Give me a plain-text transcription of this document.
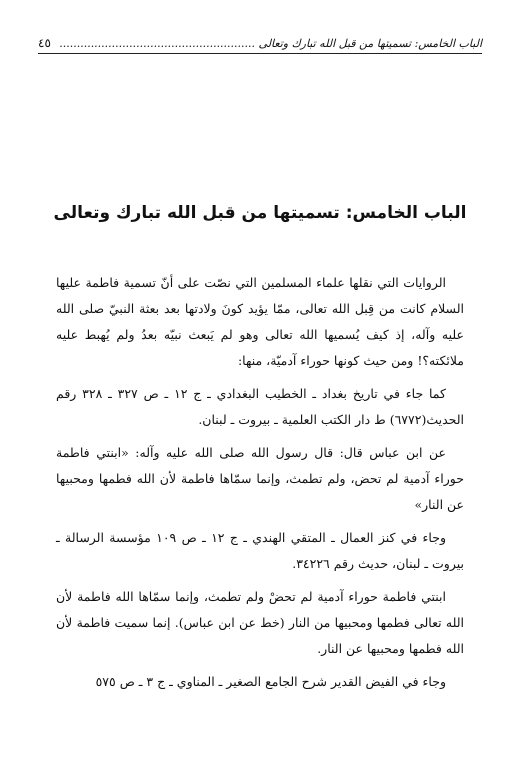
الباب الخامس: تسميتها من قبل الله تبارك وتعالى ........................................................
٤٥
الباب الخامس: تسميتها من قبل الله تبارك وتعالى

الروايات التي نقلها علماء المسلمين التي نصّت على أنّ تسمية فاطمة عليها السلام كانت من قِبل الله تعالى، ممّا يؤيد كونَ ولادتها بعد بعثة النبيّ صلى الله عليه وآله، إذ كيف يُسميها الله تعالى وهو لم يَبعث نبيّه بعدُ ولم يُهبط عليه ملائكته؟! ومن حيث كونها حوراء آدميّة، منها:

كما جاء في تاريخ بغداد ـ الخطيب البغدادي ـ ج ١٢ ـ ص ٣٢٧ ـ ٣٢٨ رقم الحديث(٦٧٧٢) ط دار الكتب العلمية ـ بيروت ـ لبنان.

عن ابن عباس قال: قال رسول الله صلى الله عليه وآله: «ابنتي فاطمة حوراء آدمية لم تحض، ولم تطمث، وإنما سمّاها فاطمة لأن الله فطمها ومحبيها عن النار»

وجاء في كنز العمال ـ المتقي الهندي ـ ج ١٢ ـ ص ١٠٩ مؤسسة الرسالة ـ بيروت ـ لبنان، حديث رقم ٣٤٢٢٦.

ابنتي فاطمة حوراء آدمية لم تحضْ ولم تطمث، وإنما سمّاها الله فاطمة لأن الله تعالى فطمها ومحبيها من النار (خط عن ابن عباس). إنما سميت فاطمة لأن الله فطمها ومحبيها عن النار.

وجاء في الفيض القدير شرح الجامع الصغير ـ المناوي ـ ج ٣ ـ ص ٥٧٥
